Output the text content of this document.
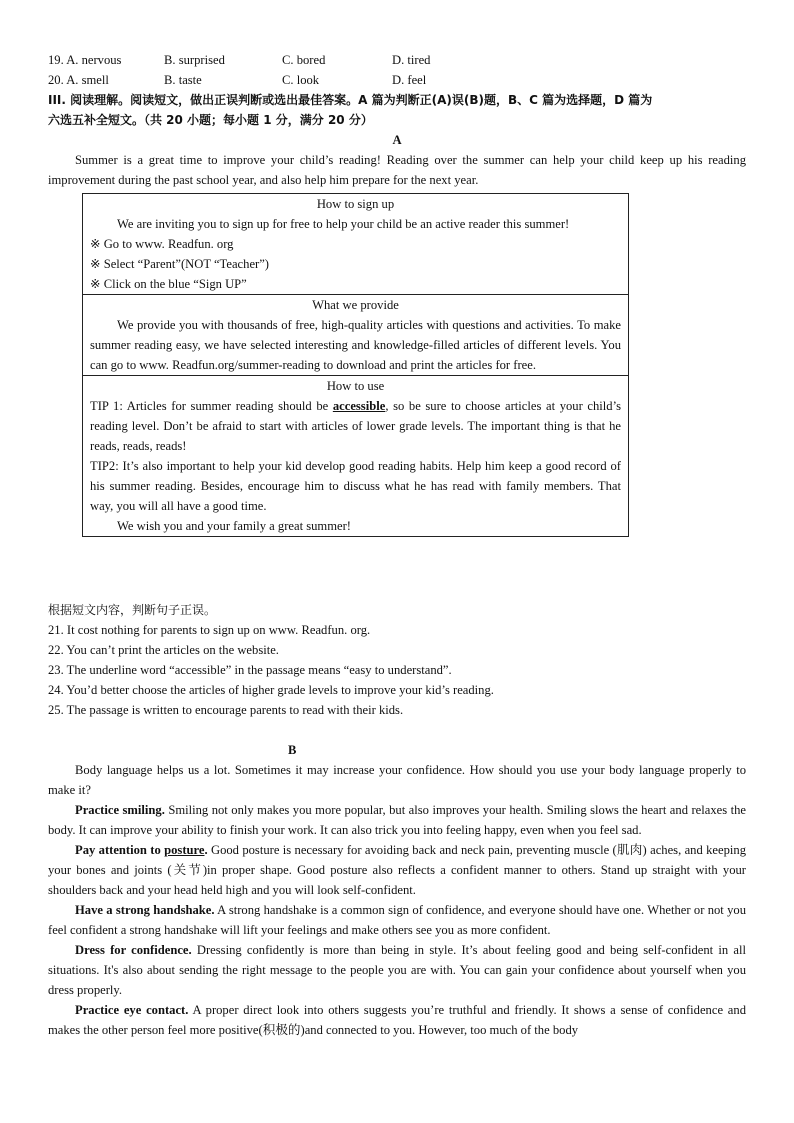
19. A. nervous	B. surprised	C. bored	D. tired
20. A. smell	B. taste	C. look	D. feel
III. 阅读理解。阅读短文，做出正误判断或选出最佳答案。A 篇为判断正(A)误(B)题，B、C 篇为选择题，D 篇为
六选五补全短文。（共 20 小题；每小题 1 分，满分 20 分）
A
Summer is a great time to improve your child’s reading! Reading over the summer can help your child keep up his reading improvement during the past school year, and also help him prepare for the next year.
How to sign up

We are inviting you to sign up for free to help your child be an active reader this summer!

※ Go to www. Readfun. org
※ Select “Parent”(NOT “Teacher”)
※ Click on the blue “Sign UP”
What we provide

We provide you with thousands of free, high-quality articles with questions and activities. To make summer reading easy, we have selected interesting and knowledge-filled articles of different levels. You can go to www. Readfun.org/summer-reading to download and print the articles for free.

How to use

TIP 1: Articles for summer reading should be accessible, so be sure to choose articles at your child’s reading level. Don’t be afraid to start with articles of lower grade levels. The important thing is that he reads, reads, reads!

TIP2: It’s also important to help your kid develop good reading habits. Help him keep a good record of his summer reading. Besides, encourage him to discuss what he has read with family members. That way, you will all have a good time.

We wish you and your family a great summer!

根据短文内容，判断句子正误。
21. It cost nothing for parents to sign up on www. Readfun. org.
22. You can’t print the articles on the website.
23. The underline word “accessible” in the passage means “easy to understand”.
24. You’d better choose the articles of higher grade levels to improve your kid’s reading.
25. The passage is written to encourage parents to read with their kids.
B
Body language helps us a lot. Sometimes it may increase your confidence. How should you use your body language properly to make it?
Practice smiling. Smiling not only makes you more popular, but also improves your health. Smiling slows the heart and relaxes the body. It can improve your ability to finish your work. It can also trick you into feeling happy, even when you feel sad.
Pay attention to posture. Good posture is necessary for avoiding back and neck pain, preventing muscle (肌肉) aches, and keeping your bones and joints (关节)in proper shape. Good posture also reflects a confident manner to others. Stand up straight with your shoulders back and your head held high and you will look self-confident.
Have a strong handshake. A strong handshake is a common sign of confidence, and everyone should have one. Whether or not you feel confident a strong handshake will lift your feelings and make others see you as more confident.
Dress for confidence. Dressing confidently is more than being in style. It’s about feeling good and being self-confident in all situations. It's also about sending the right message to the people you are with. You can gain your confidence about yourself when you dress properly.
Practice eye contact. A proper direct look into others suggests you’re truthful and friendly. It shows a sense of confidence and makes the other person feel more positive(积极的)and connected to you. However, too much of the body
